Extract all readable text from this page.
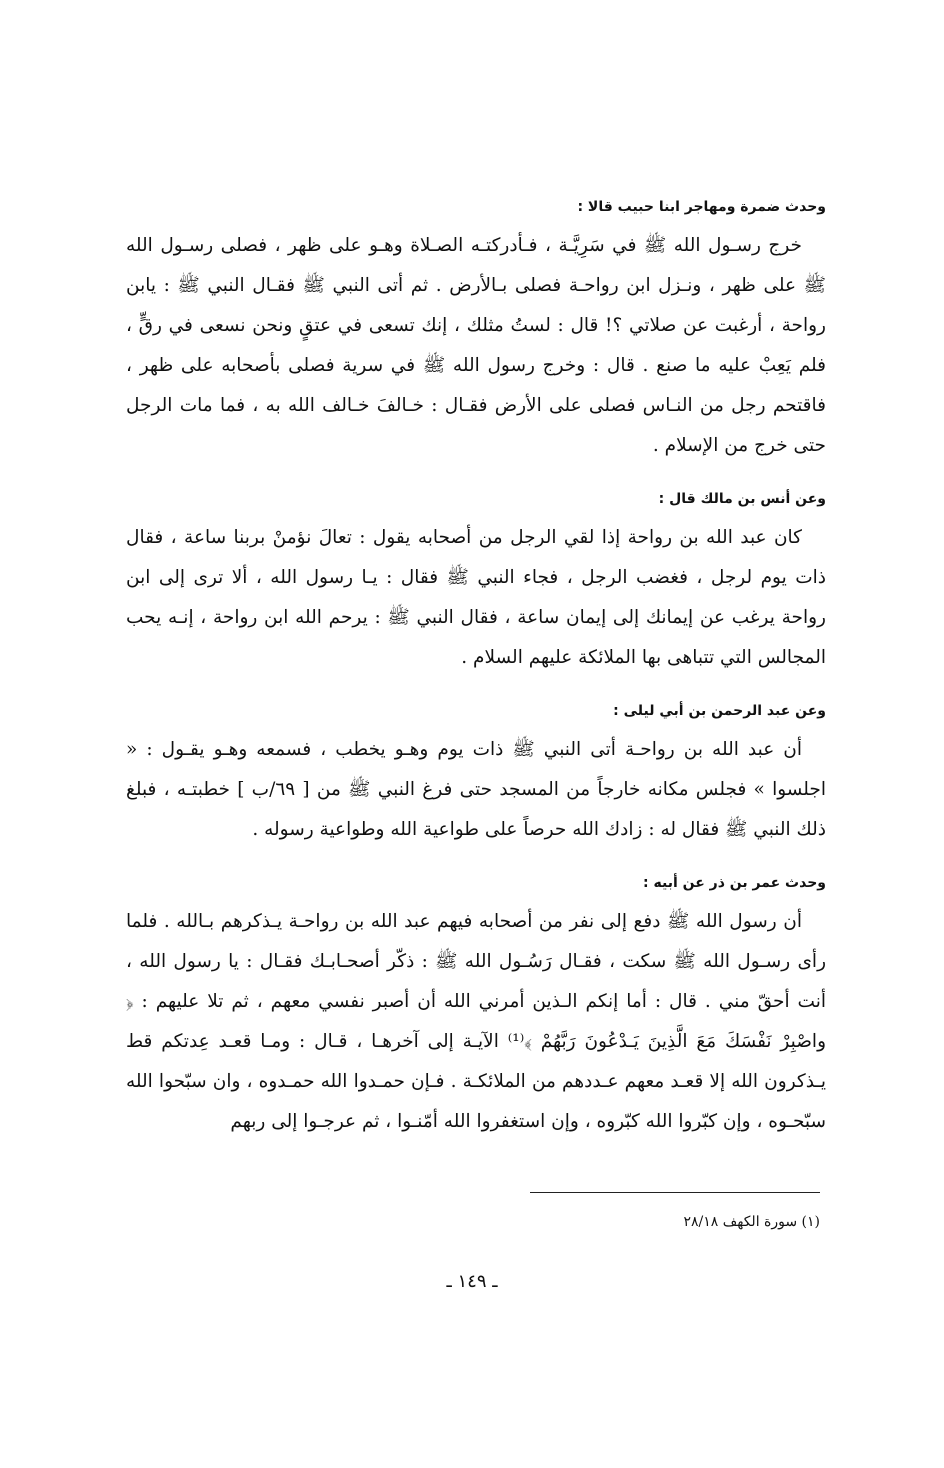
وحدث ضمرة ومهاجر ابنا حبيب قالا :
خرج رسـول الله ﷺ في سَرِيَّـة ، فـأدركتـه الصـلاة وهـو على ظهر ، فصلى رسـول الله ﷺ على ظهر ، ونـزل ابن رواحـة فصلى بـالأرض . ثم أتى النبي ﷺ فقـال النبي ﷺ : يابن رواحة ، أرغبت عن صلاتي ؟! قال : لستُ مثلك ، إنك تسعى في عتقٍ ونحن نسعى في رقٍّ ، فلم يَعِبْ عليه ما صنع . قال : وخرج رسول الله ﷺ في سرية فصلى بأصحابه على ظهر ، فاقتحم رجل من النـاس فصلى على الأرض فقـال : خـالفَ خـالف الله به ، فما مات الرجل حتى خرج من الإسلام .
وعن أنس بن مالك قال :
كان عبد الله بن رواحة إذا لقي الرجل من أصحابه يقول : تعالَ نؤمنْ بربنا ساعة ، فقال ذات يوم لرجل ، فغضب الرجل ، فجاء النبي ﷺ فقال : يـا رسول الله ، ألا ترى إلى ابن رواحة يرغب عن إيمانك إلى إيمان ساعة ، فقال النبي ﷺ : يرحم الله ابن رواحة ، إنـه يحب المجالس التي تتباهى بها الملائكة عليهم السلام .
وعن عبد الرحمن بن أبي ليلى :
أن عبد الله بن رواحـة أتى النبي ﷺ ذات يوم وهـو يخطب ، فسمعه وهـو يقـول : « اجلسوا » فجلس مكانه خارجاً من المسجد حتى فرغ النبي ﷺ من [ ٦٩/ب ] خطبتـه ، فبلغ ذلك النبي ﷺ فقال له : زادك الله حرصاً على طواعية الله وطواعية رسوله .
وحدث عمر بن ذر عن أبيه :
أن رسول الله ﷺ دفع إلى نفر من أصحابه فيهم عبد الله بن رواحـة يـذكرهم بـالله . فلما رأى رسـول الله ﷺ سكت ، فقـال رَسُـول الله ﷺ : ذكّر أصحـابـك فقـال : يا رسول الله ، أنت أحقّ مني . قال : أما إنكم الـذين أمرني الله أن أصبر نفسي معهم ، ثم تلا عليهم : ﴿ واصْبِرْ نَفْسَكَ مَعَ الَّذِينَ يَـدْعُونَ رَبَّهُمْ ﴾⁽¹⁾ الآيـة إلى آخرهـا ، قـال : ومـا قعـد عِدتكم قط يـذكرون الله إلا قعـد معهم عـددهم من الملائكـة . فـإن حمـدوا الله حمـدوه ، وان سبّحوا الله سبّحـوه ، وإن كبّروا الله كبّروه ، وإن استغفروا الله أمّنـوا ، ثم عرجـوا إلى ربهم
(١) سورة الكهف ٢٨/١٨
ـ ١٤٩ ـ
